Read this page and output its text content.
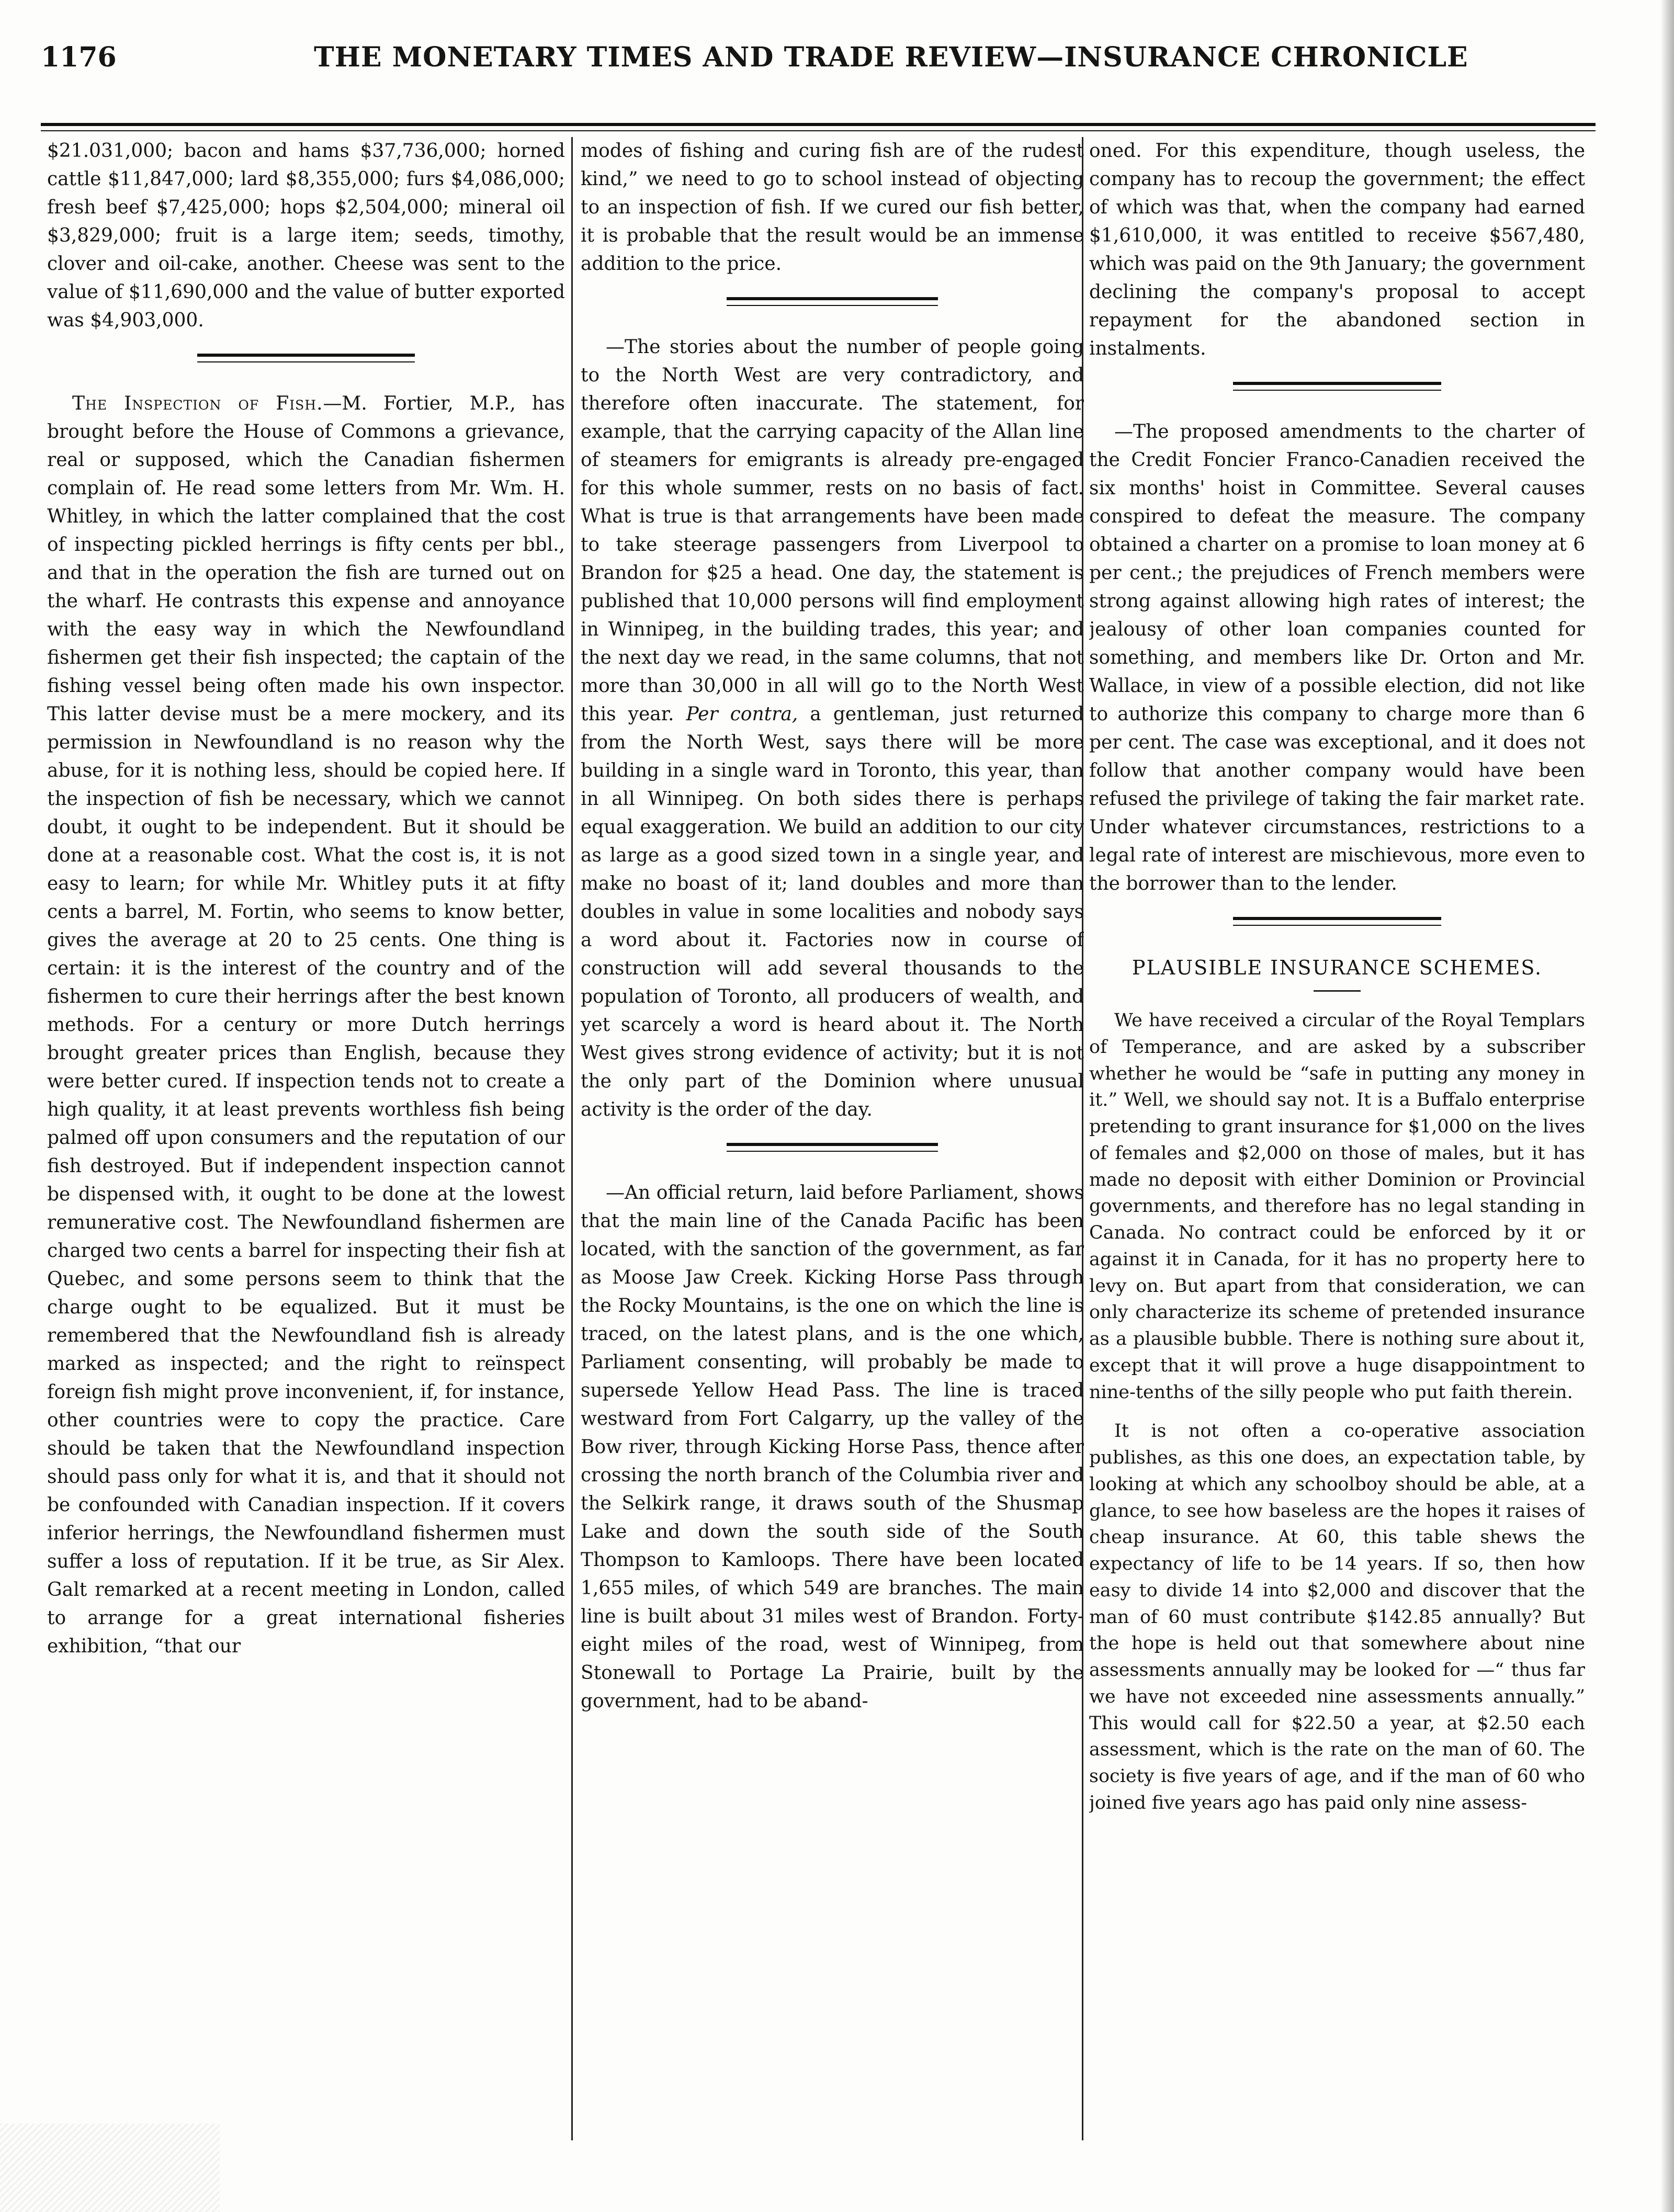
1176	THE MONETARY TIMES AND TRADE REVIEW—INSURANCE CHRONICLE

$21.031,000; bacon and hams $37,736,000; horned cattle $11,847,000; lard $8,355,000; furs $4,086,000; fresh beef $7,425,000; hops $2,504,000; mineral oil $3,829,000; fruit is a large item; seeds, timothy, clover and oil-cake, another. Cheese was sent to the value of $11,690,000 and the value of butter exported was $4,903,000.

The Inspection of Fish.—M. Fortier, M.P., has brought before the House of Commons a grievance, real or supposed, which the Canadian fishermen complain of. He read some letters from Mr. Wm. H. Whitley, in which the latter complained that the cost of inspecting pickled herrings is fifty cents per bbl., and that in the operation the fish are turned out on the wharf. He contrasts this expense and annoyance with the easy way in which the Newfoundland fishermen get their fish inspected; the captain of the fishing vessel being often made his own inspector. This latter devise must be a mere mockery, and its permission in Newfoundland is no reason why the abuse, for it is nothing less, should be copied here. If the inspection of fish be necessary, which we cannot doubt, it ought to be independent. But it should be done at a reasonable cost. What the cost is, it is not easy to learn; for while Mr. Whitley puts it at fifty cents a barrel, M. Fortin, who seems to know better, gives the average at 20 to 25 cents. One thing is certain: it is the interest of the country and of the fishermen to cure their herrings after the best known methods. For a century or more Dutch herrings brought greater prices than English, because they were better cured. If inspection tends not to create a high quality, it at least prevents worthless fish being palmed off upon consumers and the reputation of our fish destroyed. But if independent inspection cannot be dispensed with, it ought to be done at the lowest remunerative cost. The Newfoundland fishermen are charged two cents a barrel for inspecting their fish at Quebec, and some persons seem to think that the charge ought to be equalized. But it must be remembered that the Newfoundland fish is already marked as inspected; and the right to reïnspect foreign fish might prove inconvenient, if, for instance, other countries were to copy the practice. Care should be taken that the Newfoundland inspection should pass only for what it is, and that it should not be confounded with Canadian inspection. If it covers inferior herrings, the Newfoundland fishermen must suffer a loss of reputation. If it be true, as Sir Alex. Galt remarked at a recent meeting in London, called to arrange for a great international fisheries exhibition, “that our

modes of fishing and curing fish are of the rudest kind,” we need to go to school instead of objecting to an inspection of fish. If we cured our fish better, it is probable that the result would be an immense addition to the price.

—The stories about the number of people going to the North West are very contradictory, and therefore often inaccurate. The statement, for example, that the carrying capacity of the Allan line of steamers for emigrants is already pre-engaged for this whole summer, rests on no basis of fact. What is true is that arrangements have been made to take steerage passengers from Liverpool to Brandon for $25 a head. One day, the statement is published that 10,000 persons will find employment in Winnipeg, in the building trades, this year; and the next day we read, in the same columns, that not more than 30,000 in all will go to the North West this year. Per contra, a gentleman, just returned from the North West, says there will be more building in a single ward in Toronto, this year, than in all Winnipeg. On both sides there is perhaps equal exaggeration. We build an addition to our city as large as a good sized town in a single year, and make no boast of it; land doubles and more than doubles in value in some localities and nobody says a word about it. Factories now in course of construction will add several thousands to the population of Toronto, all producers of wealth, and yet scarcely a word is heard about it. The North West gives strong evidence of activity; but it is not the only part of the Dominion where unusual activity is the order of the day.

—An official return, laid before Parliament, shows that the main line of the Canada Pacific has been located, with the sanction of the government, as far as Moose Jaw Creek. Kicking Horse Pass through the Rocky Mountains, is the one on which the line is traced, on the latest plans, and is the one which, Parliament consenting, will probably be made to supersede Yellow Head Pass. The line is traced westward from Fort Calgarry, up the valley of the Bow river, through Kicking Horse Pass, thence after crossing the north branch of the Columbia river and the Selkirk range, it draws south of the Shusmap Lake and down the south side of the South Thompson to Kamloops. There have been located 1,655 miles, of which 549 are branches. The main line is built about 31 miles west of Brandon. Forty-eight miles of the road, west of Winnipeg, from Stonewall to Portage La Prairie, built by the government, had to be aband-

oned. For this expenditure, though useless, the company has to recoup the government; the effect of which was that, when the company had earned $1,610,000, it was entitled to receive $567,480, which was paid on the 9th January; the government declining the company's proposal to accept repayment for the abandoned section in instalments.

—The proposed amendments to the charter of the Credit Foncier Franco-Canadien received the six months' hoist in Committee. Several causes conspired to defeat the measure. The company obtained a charter on a promise to loan money at 6 per cent.; the prejudices of French members were strong against allowing high rates of interest; the jealousy of other loan companies counted for something, and members like Dr. Orton and Mr. Wallace, in view of a possible election, did not like to authorize this company to charge more than 6 per cent. The case was exceptional, and it does not follow that another company would have been refused the privilege of taking the fair market rate. Under whatever circumstances, restrictions to a legal rate of interest are mischievous, more even to the borrower than to the lender.

PLAUSIBLE INSURANCE SCHEMES.

We have received a circular of the Royal Templars of Temperance, and are asked by a subscriber whether he would be “safe in putting any money in it.” Well, we should say not. It is a Buffalo enterprise pretending to grant insurance for $1,000 on the lives of females and $2,000 on those of males, but it has made no deposit with either Dominion or Provincial governments, and therefore has no legal standing in Canada. No contract could be enforced by it or against it in Canada, for it has no property here to levy on. But apart from that consideration, we can only characterize its scheme of pretended insurance as a plausible bubble. There is nothing sure about it, except that it will prove a huge disappointment to nine-tenths of the silly people who put faith therein.

It is not often a co-operative association publishes, as this one does, an expectation table, by looking at which any schoolboy should be able, at a glance, to see how baseless are the hopes it raises of cheap insurance. At 60, this table shews the expectancy of life to be 14 years. If so, then how easy to divide 14 into $2,000 and discover that the man of 60 must contribute $142.85 annually? But the hope is held out that somewhere about nine assessments annually may be looked for —“ thus far we have not exceeded nine assessments annually.” This would call for $22.50 a year, at $2.50 each assessment, which is the rate on the man of 60. The society is five years of age, and if the man of 60 who joined five years ago has paid only nine assess-
